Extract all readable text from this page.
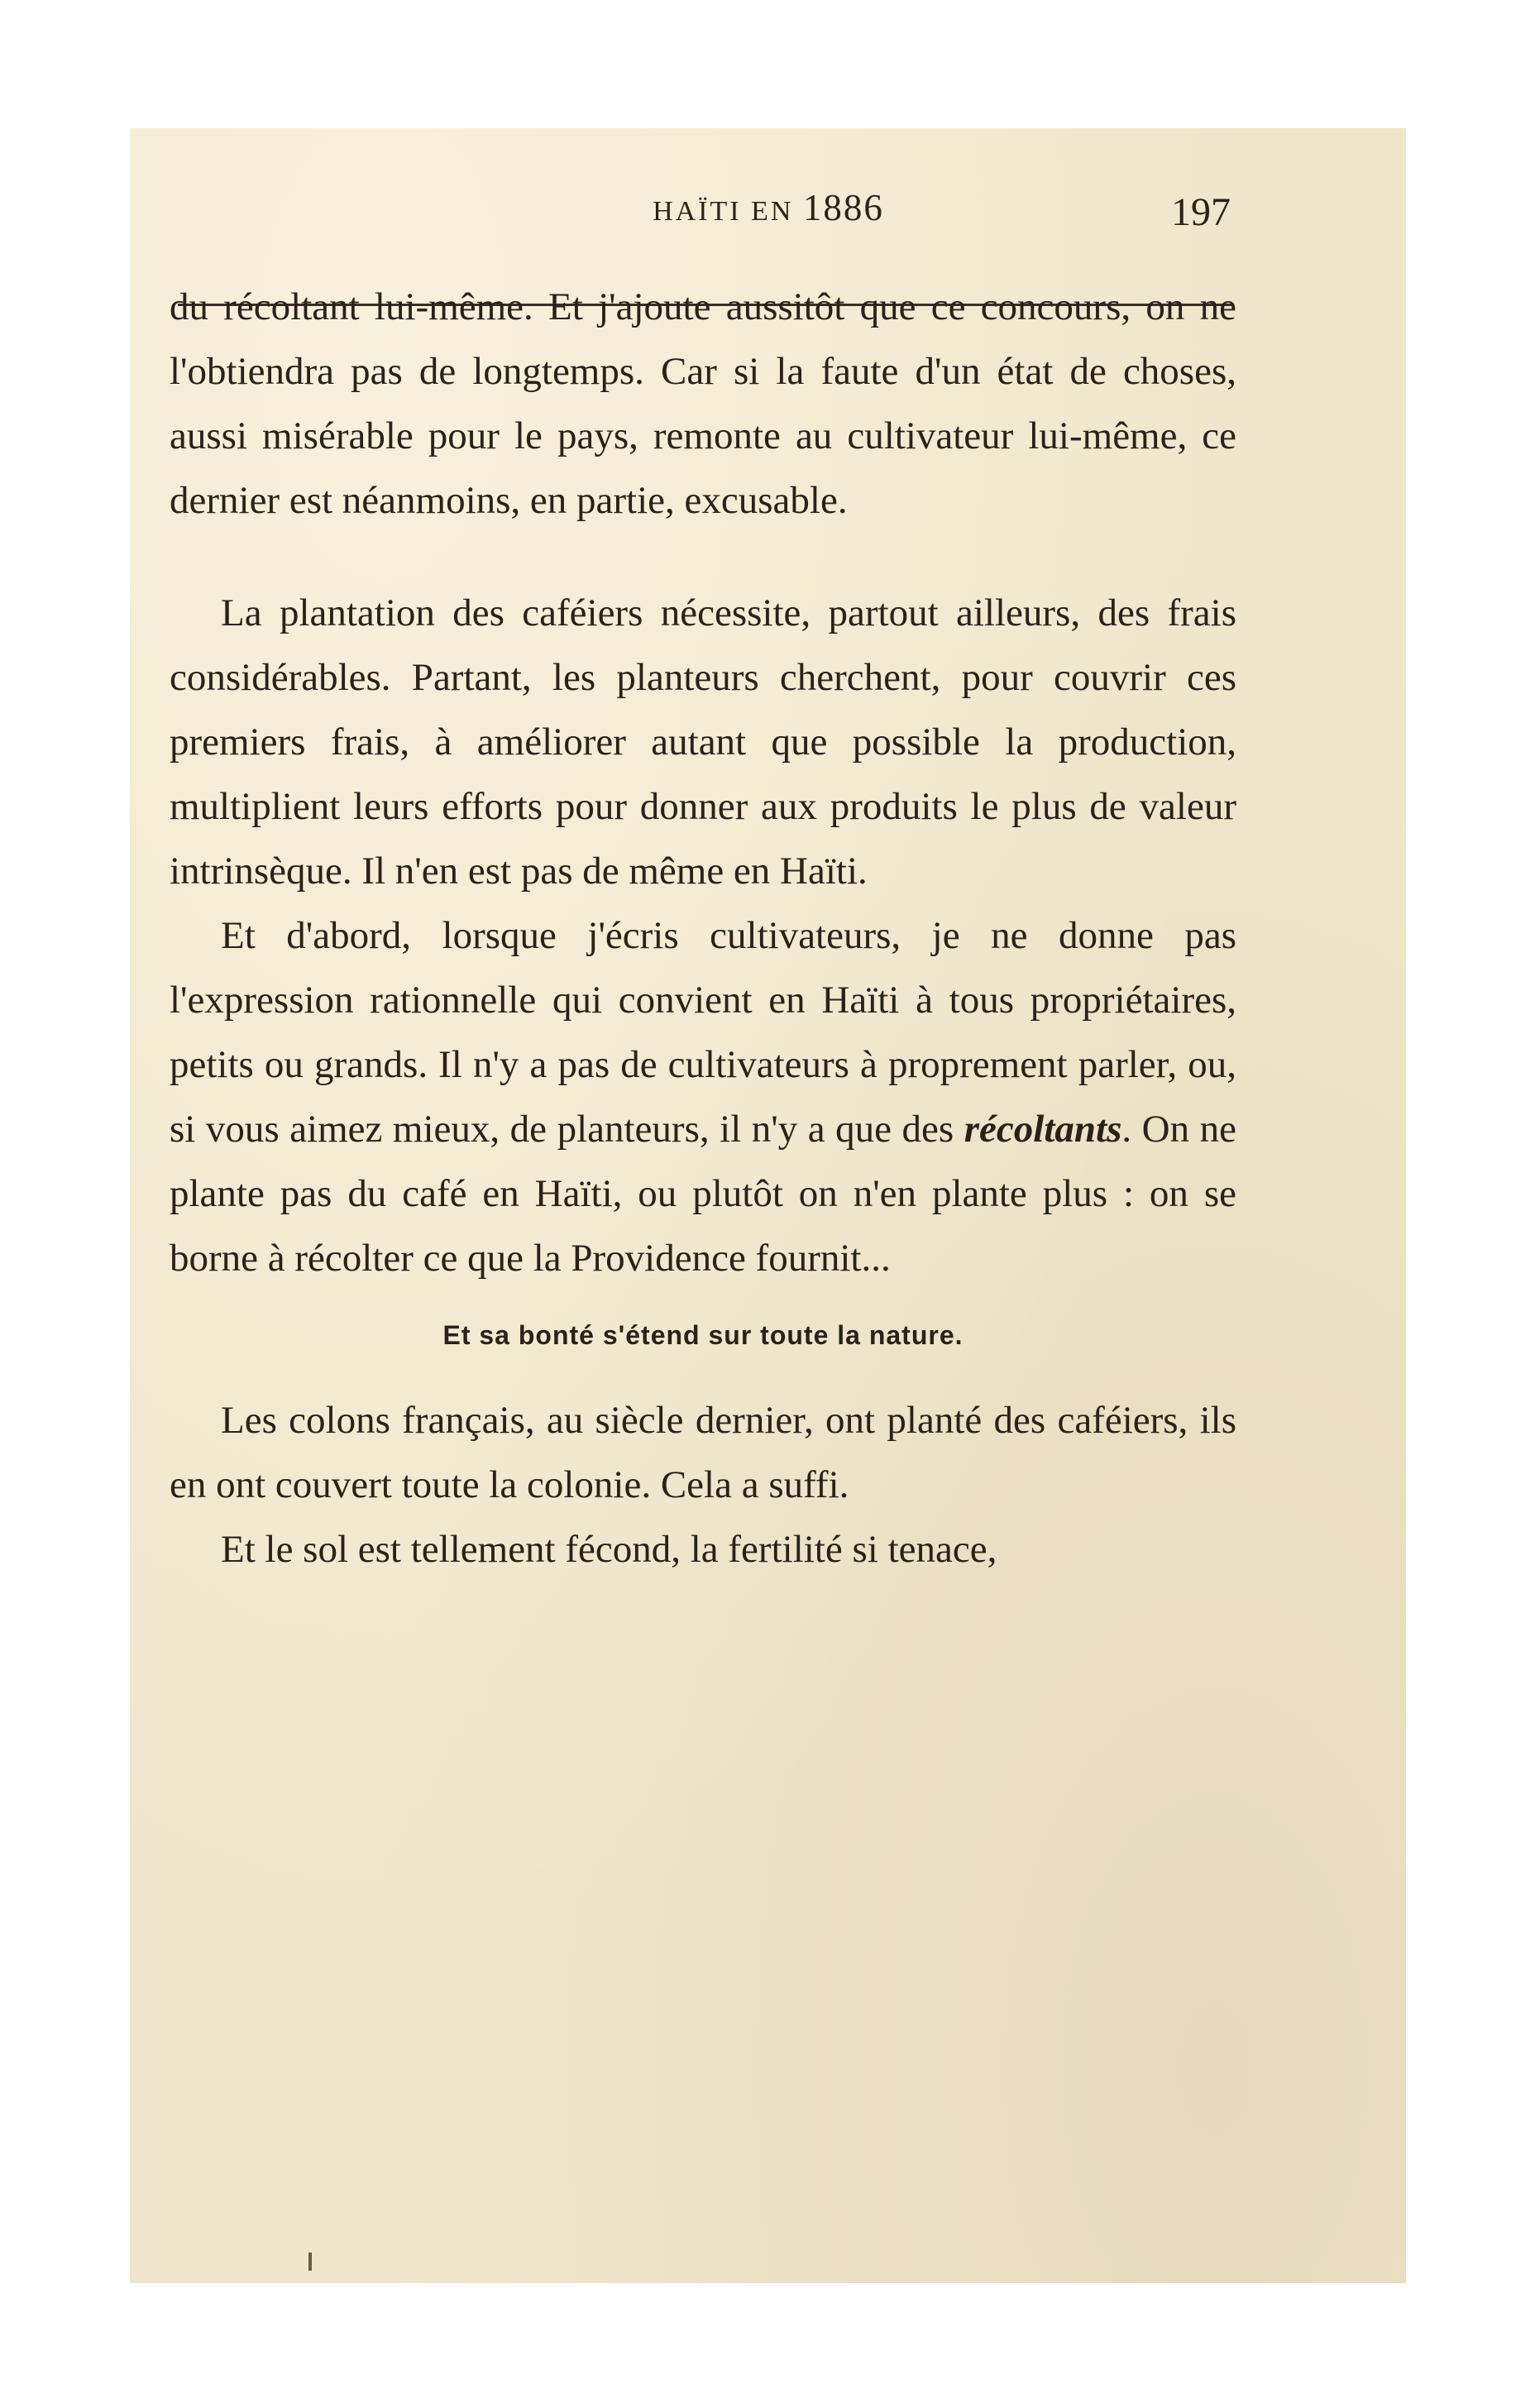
HAÏTI EN 1886	197

du récoltant lui-même. Et j'ajoute aussitôt que ce concours, on ne l'obtiendra pas de longtemps. Car si la faute d'un état de choses, aussi misérable pour le pays, remonte au cultivateur lui-même, ce dernier est néanmoins, en partie, excusable.

La plantation des caféiers nécessite, partout ailleurs, des frais considérables. Partant, les planteurs cherchent, pour couvrir ces premiers frais, à améliorer autant que possible la production, multiplient leurs efforts pour donner aux produits le plus de valeur intrinsèque. Il n'en est pas de même en Haïti.

Et d'abord, lorsque j'écris cultivateurs, je ne donne pas l'expression rationnelle qui convient en Haïti à tous propriétaires, petits ou grands. Il n'y a pas de cultivateurs à proprement parler, ou, si vous aimez mieux, de planteurs, il n'y a que des récoltants. On ne plante pas du café en Haïti, ou plutôt on n'en plante plus : on se borne à récolter ce que la Providence fournit...

Et sa bonté s'étend sur toute la nature.

Les colons français, au siècle dernier, ont planté des caféiers, ils en ont couvert toute la colonie. Cela a suffi.

Et le sol est tellement fécond, la fertilité si tenace,
